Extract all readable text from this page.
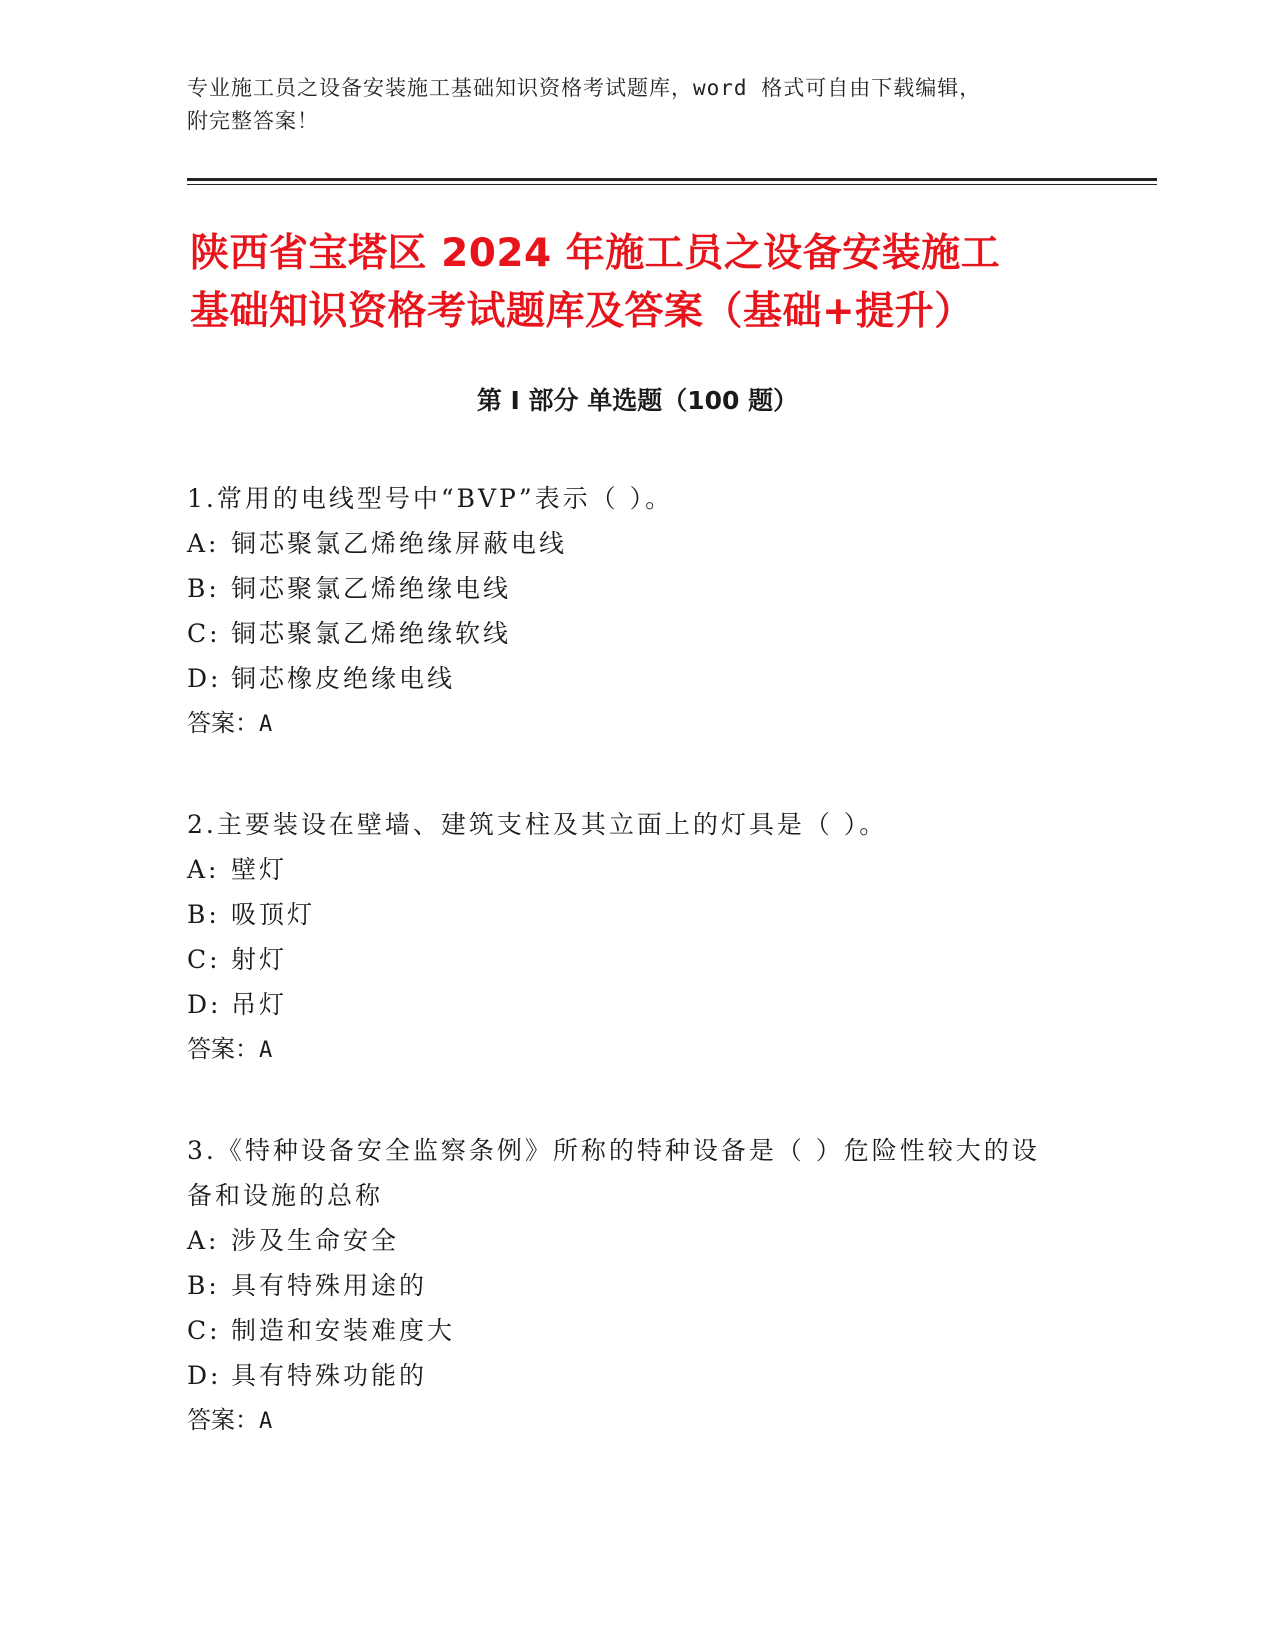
专业施工员之设备安装施工基础知识资格考试题库，word 格式可自由下载编辑，
附完整答案！
陕西省宝塔区 2024 年施工员之设备安装施工
基础知识资格考试题库及答案（基础+提升）
第 I 部分 单选题（100 题）
1.常用的电线型号中“BVP”表示（ ）。
A: 铜芯聚氯乙烯绝缘屏蔽电线
B: 铜芯聚氯乙烯绝缘电线
C: 铜芯聚氯乙烯绝缘软线
D: 铜芯橡皮绝缘电线
答案：A
2.主要装设在壁墙、建筑支柱及其立面上的灯具是（ ）。
A: 壁灯
B: 吸顶灯
C: 射灯
D: 吊灯
答案：A
3.《特种设备安全监察条例》所称的特种设备是（ ）危险性较大的设
备和设施的总称
A: 涉及生命安全
B: 具有特殊用途的
C: 制造和安装难度大
D: 具有特殊功能的
答案：A
